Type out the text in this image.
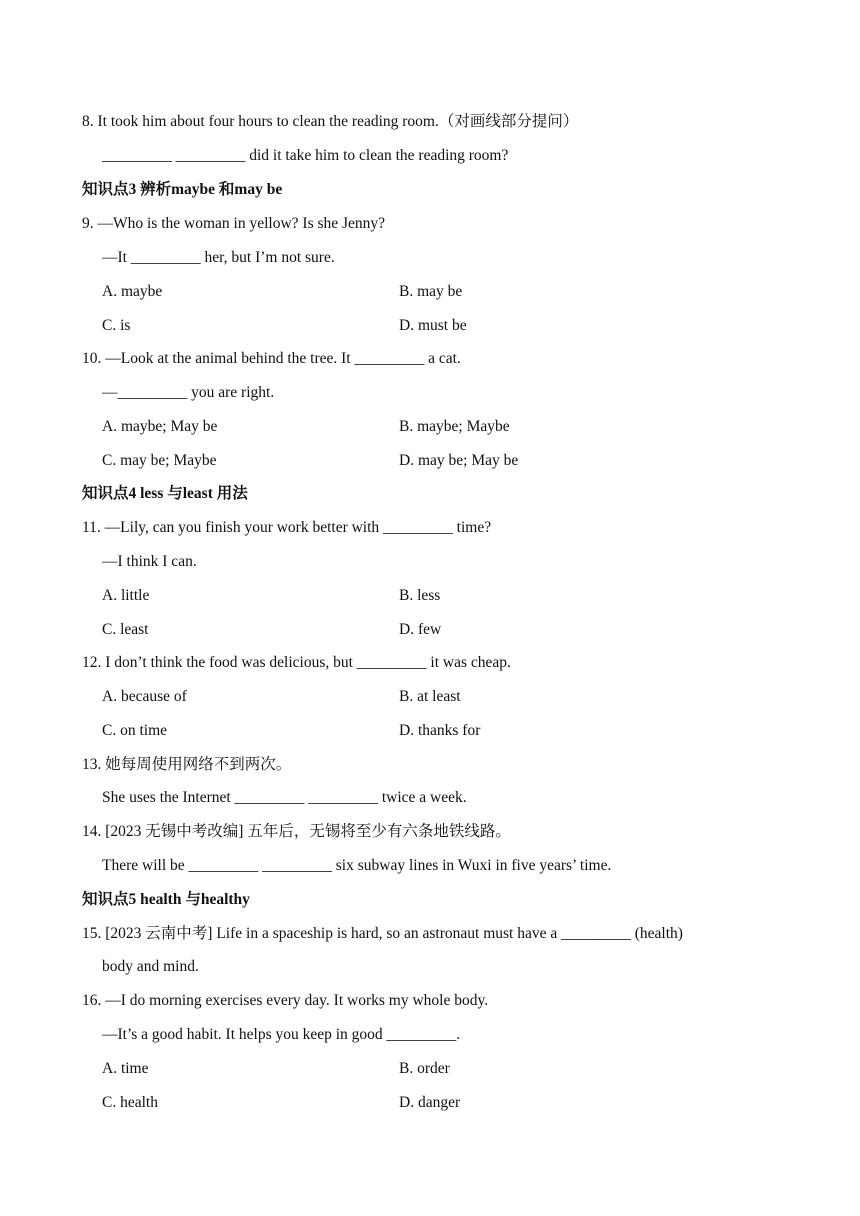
8. It took him about four hours to clean the reading room.（对画线部分提问）
_________ _________ did it take him to clean the reading room?
知识点3 辨析maybe 和may be
9. —Who is the woman in yellow? Is she Jenny?
—It _________ her, but I’m not sure.
A. maybe	B. may be
C. is	D. must be
10. —Look at the animal behind the tree. It _________ a cat.
—_________ you are right.
A. maybe; May be	B. maybe; Maybe
C. may be; Maybe	D. may be; May be
知识点4 less 与least 用法
11. —Lily, can you finish your work better with _________ time?
—I think I can.
A. little	B. less
C. least	D. few
12. I don’t think the food was delicious, but _________ it was cheap.
A. because of	B. at least
C. on time	D. thanks for
13. 她每周使用网络不到两次。
She uses the Internet _________ _________ twice a week.
14. [2023 无锡中考改编] 五年后，无锡将至少有六条地铁线路。
There will be _________ _________ six subway lines in Wuxi in five years’ time.
知识点5 health 与healthy
15. [2023 云南中考] Life in a spaceship is hard, so an astronaut must have a _________ (health)
body and mind.
16. —I do morning exercises every day. It works my whole body.
—It’s a good habit. It helps you keep in good _________.
A. time	B. order
C. health	D. danger
